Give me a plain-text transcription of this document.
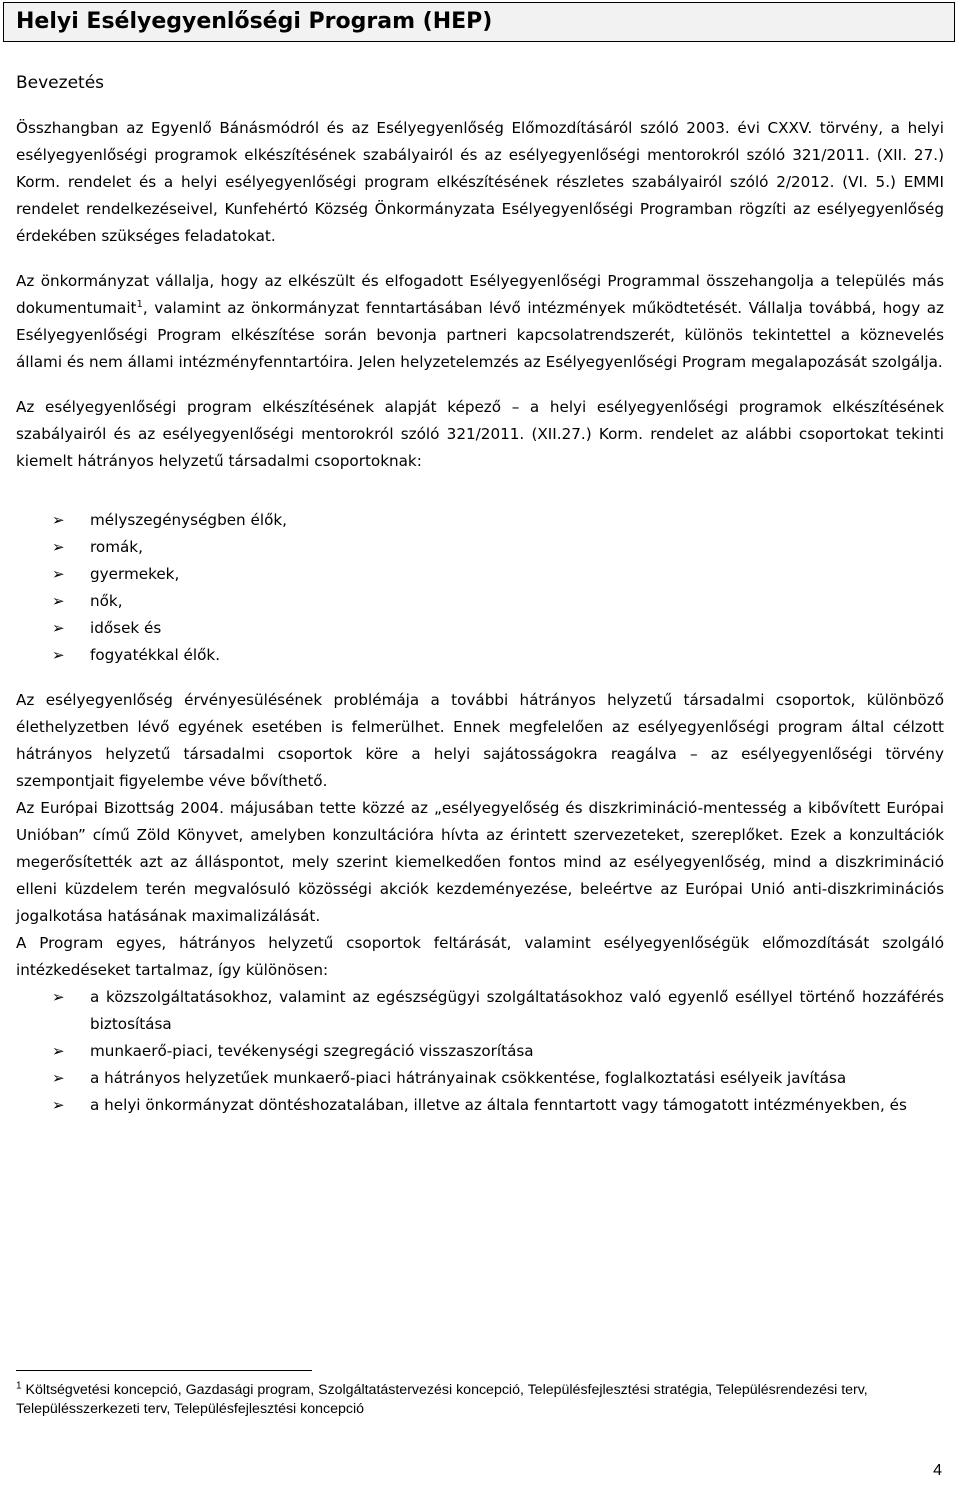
Helyi Esélyegyenlőségi Program (HEP)

Bevezetés

Összhangban az Egyenlő Bánásmódról és az Esélyegyenlőség Előmozdításáról szóló 2003. évi CXXV. törvény, a helyi esélyegyenlőségi programok elkészítésének szabályairól és az esélyegyenlőségi mentorokról szóló 321/2011. (XII. 27.) Korm. rendelet és a helyi esélyegyenlőségi program elkészítésének részletes szabályairól szóló 2/2012. (VI. 5.) EMMI rendelet rendelkezéseivel, Kunfehértó Község Önkormányzata Esélyegyenlőségi Programban rögzíti az esélyegyenlőség érdekében szükséges feladatokat.

Az önkormányzat vállalja, hogy az elkészült és elfogadott Esélyegyenlőségi Programmal összehangolja a település más dokumentumait$^1$, valamint az önkormányzat fenntartásában lévő intézmények működtetését. Vállalja továbbá, hogy az Esélyegyenlőségi Program elkészítése során bevonja partneri kapcsolatrendszerét, különös tekintettel a köznevelés állami és nem állami intézményfenntartóira. Jelen helyzetelemzés az Esélyegyenlőségi Program megalapozását szolgálja.

Az esélyegyenlőségi program elkészítésének alapját képező – a helyi esélyegyenlőségi programok elkészítésének szabályairól és az esélyegyenlőségi mentorokról szóló 321/2011. (XII.27.) Korm. rendelet az alábbi csoportokat tekinti kiemelt hátrányos helyzetű társadalmi csoportoknak:

➢ mélyszegénységben élők,
➢ romák,
➢ gyermekek,
➢ nők,
➢ idősek és
➢ fogyatékkal élők.

Az esélyegyenlőség érvényesülésének problémája a további hátrányos helyzetű társadalmi csoportok, különböző élethelyzetben lévő egyének esetében is felmerülhet. Ennek megfelelően az esélyegyenlőségi program által célzott hátrányos helyzetű társadalmi csoportok köre a helyi sajátosságokra reagálva – az esélyegyenlőségi törvény szempontjait figyelembe véve bővíthető.

Az Európai Bizottság 2004. májusában tette közzé az „esélyegyelőség és diszkrimináció-mentesség a kibővített Európai Unióban” című Zöld Könyvet, amelyben konzultációra hívta az érintett szervezeteket, szereplőket. Ezek a konzultációk megerősítették azt az álláspontot, mely szerint kiemelkedően fontos mind az esélyegyenlőség, mind a diszkrimináció elleni küzdelem terén megvalósuló közösségi akciók kezdeményezése, beleértve az Európai Unió anti-diszkriminációs jogalkotása hatásának maximalizálását.

A Program egyes, hátrányos helyzetű csoportok feltárását, valamint esélyegyenlőségük előmozdítását szolgáló intézkedéseket tartalmaz, így különösen:

➢ a közszolgáltatásokhoz, valamint az egészségügyi szolgáltatásokhoz való egyenlő eséllyel történő hozzáférés biztosítása
➢ munkaerő-piaci, tevékenységi szegregáció visszaszorítása
➢ a hátrányos helyzetűek munkaerő-piaci hátrányainak csökkentése, foglalkoztatási esélyeik javítása
➢ a helyi önkormányzat döntéshozatalában, illetve az általa fenntartott vagy támogatott intézményekben, és
$^1$ Költségvetési koncepció, Gazdasági program, Szolgáltatástervezési koncepció, Településfejlesztési stratégia, Településrendezési terv, Településszerkezeti terv, Településfejlesztési koncepció
4
